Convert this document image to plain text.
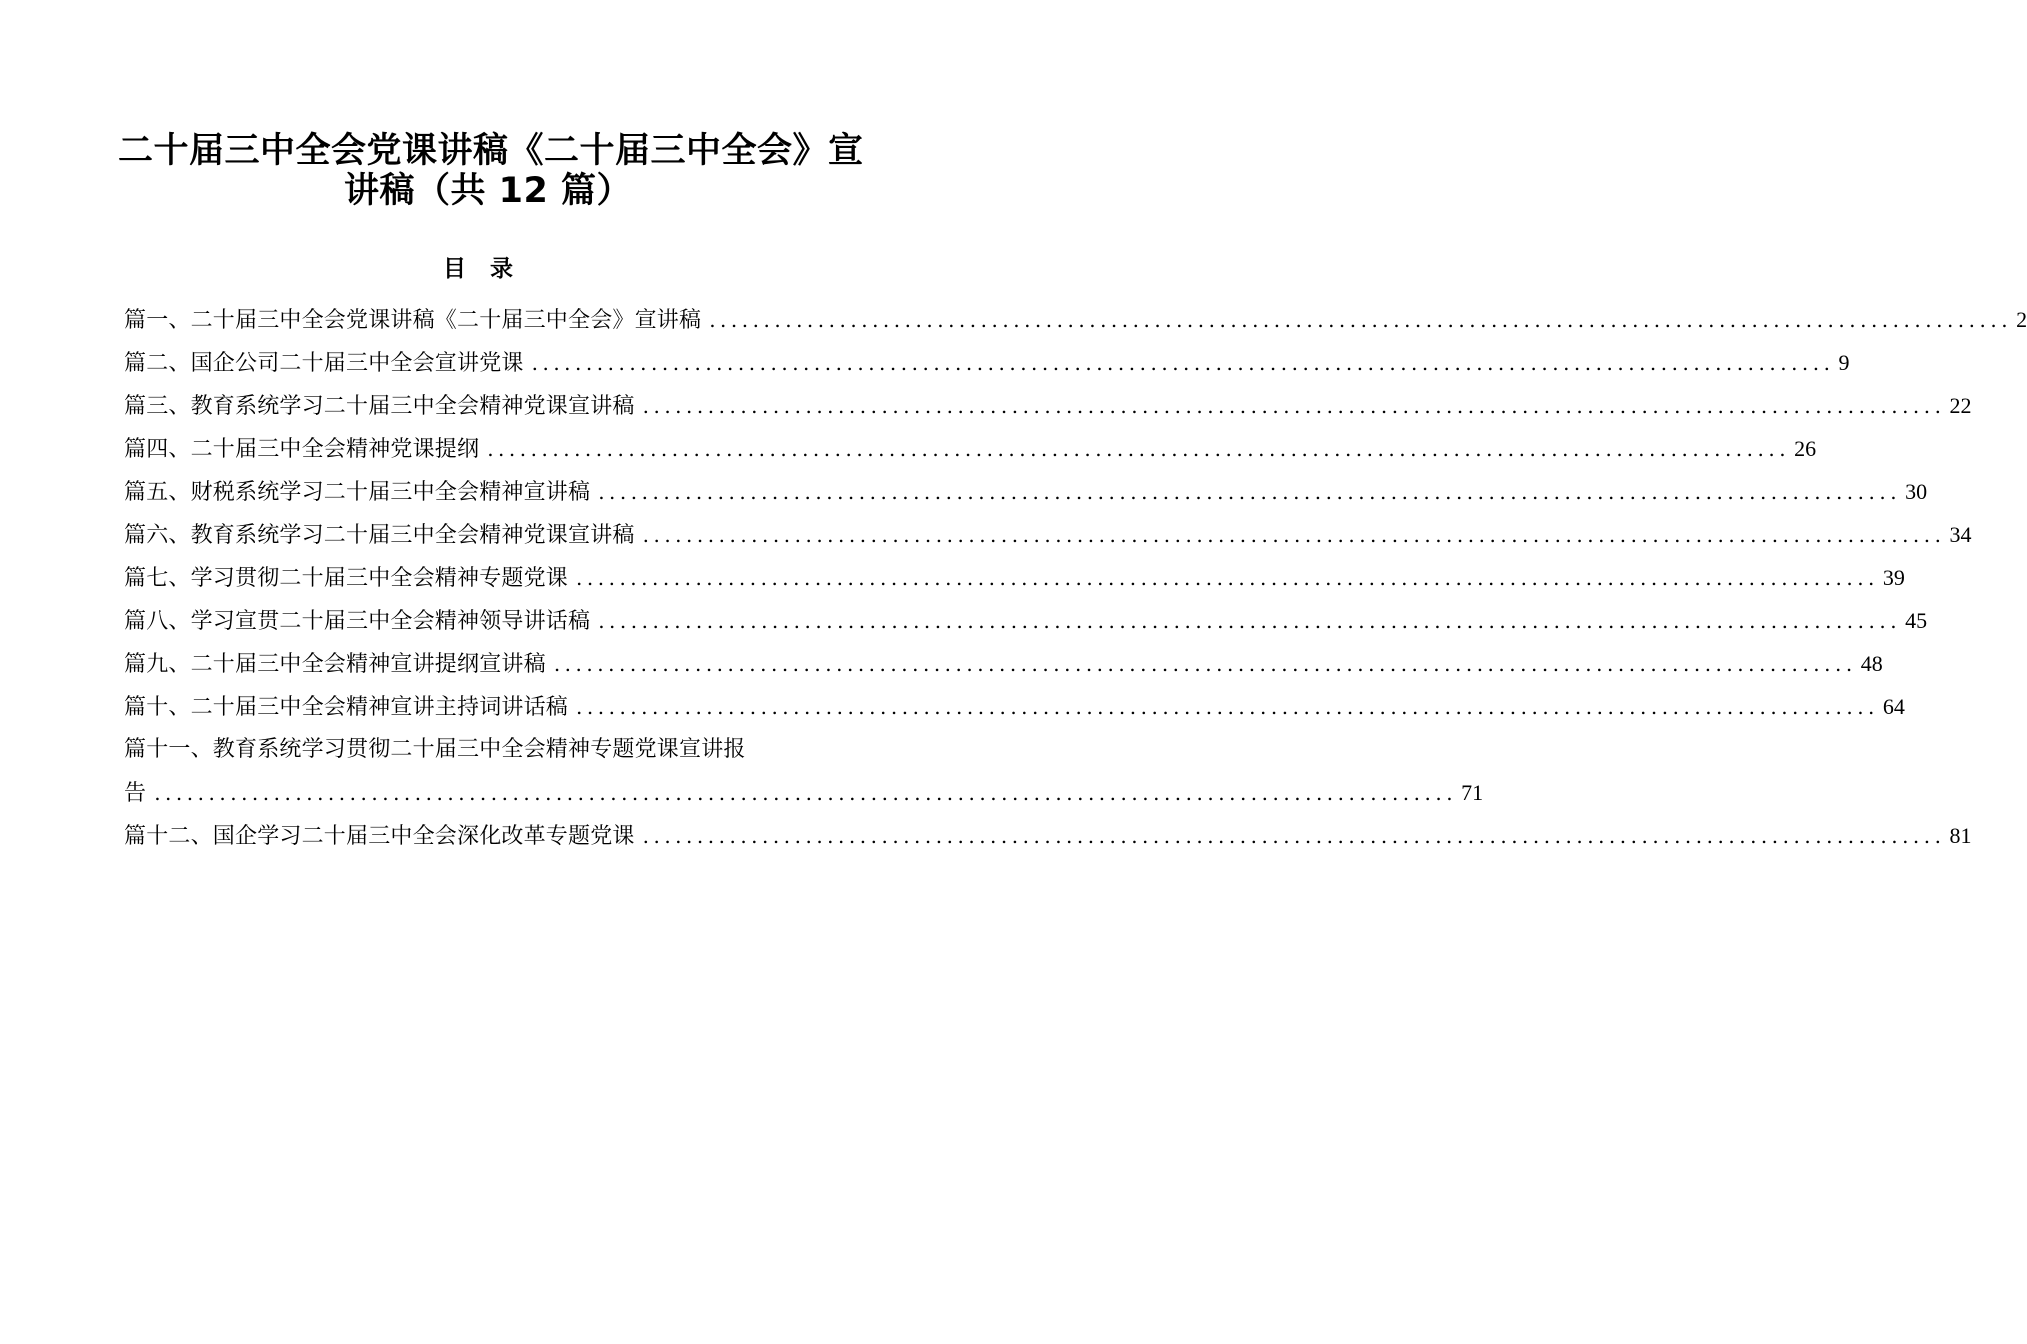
二十届三中全会党课讲稿《二十届三中全会》宣
讲稿（共 12 篇）
目录
篇一、二十届三中全会党课讲稿《二十届三中全会》宣讲稿 ........................................................................................................................ 2
篇二、国企公司二十届三中全会宣讲党课 ........................................................................................................................ 9
篇三、教育系统学习二十届三中全会精神党课宣讲稿 ........................................................................................................................ 22
篇四、二十届三中全会精神党课提纲 ........................................................................................................................ 26
篇五、财税系统学习二十届三中全会精神宣讲稿 ........................................................................................................................ 30
篇六、教育系统学习二十届三中全会精神党课宣讲稿 ........................................................................................................................ 34
篇七、学习贯彻二十届三中全会精神专题党课 ........................................................................................................................ 39
篇八、学习宣贯二十届三中全会精神领导讲话稿 ........................................................................................................................ 45
篇九、二十届三中全会精神宣讲提纲宣讲稿 ........................................................................................................................ 48
篇十、二十届三中全会精神宣讲主持词讲话稿 ........................................................................................................................ 64
篇十一、教育系统学习贯彻二十届三中全会精神专题党课宣讲报
告 ........................................................................................................................ 71
篇十二、国企学习二十届三中全会深化改革专题党课 ........................................................................................................................ 81
